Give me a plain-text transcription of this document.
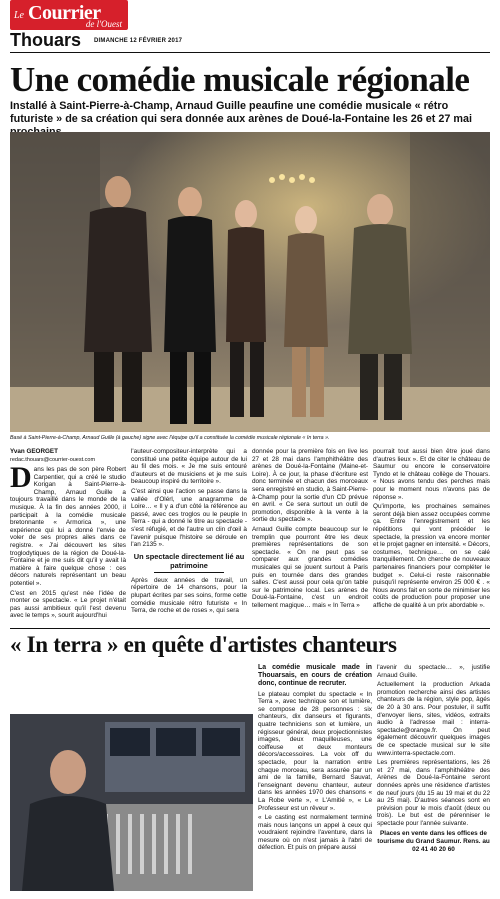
Le Courrier
de l'Ouest
Thouars DIMANCHE 12 FÉVRIER 2017
Une comédie musicale régionale

Installé à Saint-Pierre-à-Champ, Arnaud Guille peaufine une comédie musicale « rétro futuriste » de sa création qui sera donnée aux arènes de Doué-la-Fontaine les 26 et 27 mai

Basé à Saint-Pierre-à-Champ, Arnaud Guille (à gauche) signe avec l'équipe qu'il a constituée la comédie musicale régionale « In terra ».

Yvan GEORGET
redac.thouars@courrier-ouest.com
D ans les pas de son père Robert Carpentier, qui a créé le studio Korigan à Saint-Pierre-à-Champ, Arnaud Guille a toujours travaillé dans le monde de la musique. À la fin des années 2000, il participait à la comédie musicale bretonnante « Armorica », une expérience qui lui a donné l'envie de voler de ses propres ailes dans ce registre. « J'ai découvert les sites troglodytiques de la région de Doué-la-Fontaine et je me suis dit qu'il y avait là matière à faire quelque chose : ces décors naturels représentant un beau potentiel ».

C'est en 2015 qu'est née l'idée de monter ce spectacle. « Le projet n'était pas aussi ambitieux qu'il l'est devenu avec le temps », sourit aujourd'hui

l'auteur-compositeur-interprète qui a constitué une petite équipe autour de lui au fil des mois. « Je me suis entouré d'auteurs et de musiciens et je me suis beaucoup inspiré du territoire ».

C'est ainsi que l'action se passe dans la vallée d'Olérl, une anagramme de Loire… « Il y a d'un côté la référence au passé, avec ces troglos ou le peuple In Terra - qui a donné le titre au spectacle - s'est réfugié, et de l'autre un clin d'œil à l'avenir puisque l'histoire se déroule en l'an 2135 ».

Un spectacle directement lié au patrimoine

Après deux années de travail, un répertoire de 14 chansons, pour la plupart écrites par ses soins, forme cette comédie musicale rétro futuriste « In Terra, de roche et de roses », qui sera

donnée pour la première fois en live les 27 et 28 mai dans l'amphithéâtre des arènes de Doué-la-Fontaine (Maine-et-Loire). À ce jour, la phase d'écriture est donc terminée et chacun des morceaux sera enregistré en studio, à Saint-Pierre-à-Champ pour la sortie d'un CD prévue en avril. « Ce sera surtout un outil de promotion, disponible à la vente à la sortie du spectacle ».

Arnaud Guille compte beaucoup sur le tremplin que pourront être les deux premières représentations de son spectacle. « On ne peut pas se comparer aux grandes comédies musicales qui se jouent surtout à Paris puis en tournée dans des grandes salles. C'est aussi pour cela qu'on table sur le patrimoine local. Les arènes de Doué-la-Fontaine, c'est un endroit tellement magique… mais « In Terra »

pourrait tout aussi bien être joué dans d'autres lieux ». Et de citer le château de Saumur ou encore le conservatoire Tyndo et le château collège de Thouars. « Nous avons tendu des perches mais pour le moment nous n'avons pas de réponse ».

Qu'importe, les prochaines semaines seront déjà bien assez occupées comme ça. Entre l'enregistrement et les répétitions qui vont précéder le spectacle, la pression va encore monter et le projet gagner en intensité. « Décors, costumes, technique… on se calé tranquillement. On cherche de nouveaux partenaires financiers pour compléter le budget ». Celui-ci reste raisonnable puisqu'il représente environ 25 000 € . « Nous avons fait en sorte de minimiser les coûts de production pour proposer une affiche de qualité à un prix abordable ».

« In terra » en quête d'artistes chanteurs

La comédie musicale made in Thouarsais, en cours de création donc, continue de recruter.

Le plateau complet du spectacle « In Terra », avec technique son et lumière, se compose de 28 personnes : six chanteurs, dix danseurs et figurants, quatre techniciens son et lumière, un régisseur général, deux projectionnistes images, deux maquilleuses, une coiffeuse et deux monteurs décors/accessoires. La voix off du spectacle, pour la narration entre chaque morceau, sera assurée par un ami de la famille, Bernard Sauvat, l'enseignant devenu chanteur, auteur dans les années 1970 des chansons « La Robe verte », « L'Amitié », « Le Professeur est un rêveur ».

« Le casting est normalement terminé mais nous lançons un appel à ceux qui voudraient rejoindre l'aventure, dans la mesure où on n'est jamais à l'abri de défection. Et puis on prépare aussi

l'avenir du spectacle… », justifie Arnaud Guille.

Actuellement la production Arkada promotion recherche ainsi des artistes chanteurs de la région, style pop, âgés de 20 à 30 ans. Pour postuler, il suffit d'envoyer liens, sites, vidéos, extraits audio à l'adresse mail : interra-spectacle@orange.fr. On peut également découvrir quelques images de ce spectacle musical sur le site www.interra-spectacle.com.

Les premières représentations, les 26 et 27 mai, dans l'amphithéâtre des Arènes de Doué-la-Fontaine seront données après une résidence d'artistes de neuf jours (du 15 au 19 mai et du 22 au 25 mai). D'autres séances sont en prévision pour le mois d'août (deux ou trois). Le but est de pérenniser le spectacle pour l'année suivante.

Places en vente dans les offices de tourisme du Grand Saumur. Rens. au 02 41 40 20 60
